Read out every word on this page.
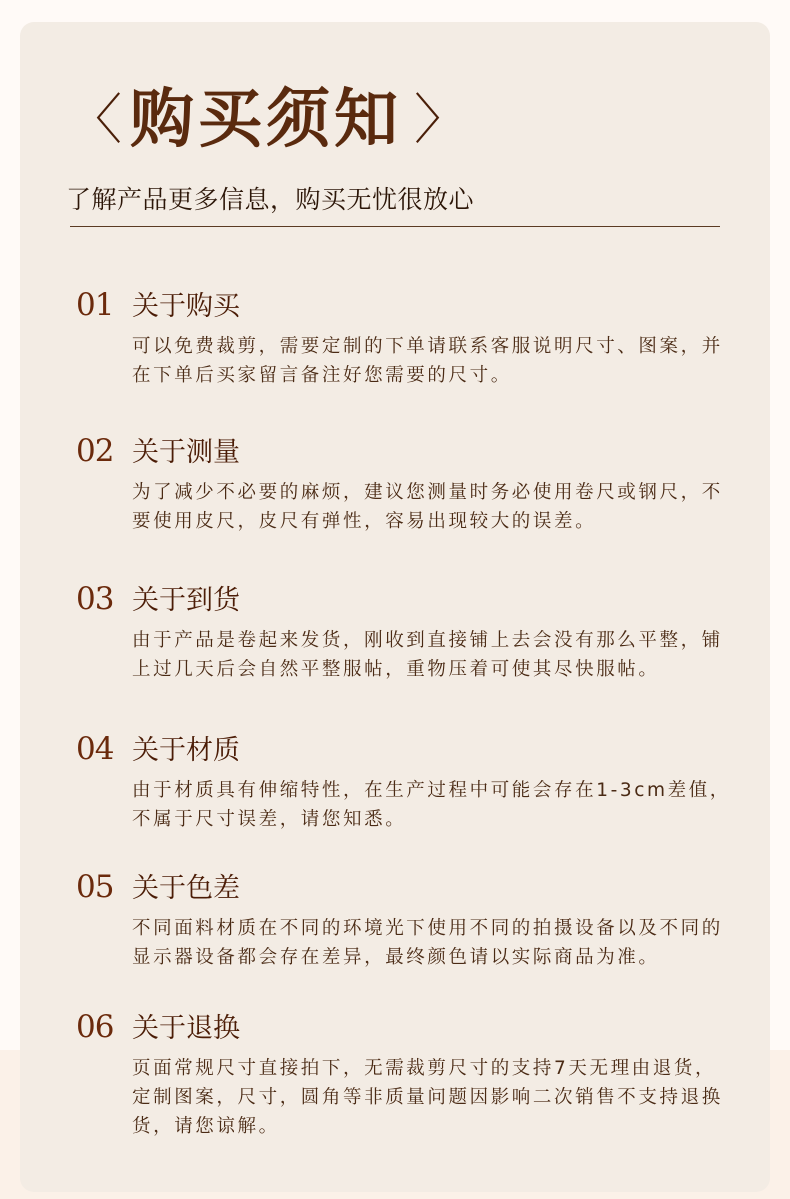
〈 购买须知 〉
了解产品更多信息，购买无忧很放心
01 关于购买
可以免费裁剪，需要定制的下单请联系客服说明尺寸、图案，并在下单后买家留言备注好您需要的尺寸。
02 关于测量
为了减少不必要的麻烦，建议您测量时务必使用卷尺或钢尺，不要使用皮尺，皮尺有弹性，容易出现较大的误差。
03 关于到货
由于产品是卷起来发货，刚收到直接铺上去会没有那么平整，铺上过几天后会自然平整服帖，重物压着可使其尽快服帖。
04 关于材质
由于材质具有伸缩特性，在生产过程中可能会存在1-3cm差值，不属于尺寸误差，请您知悉。
05 关于色差
不同面料材质在不同的环境光下使用不同的拍摄设备以及不同的显示器设备都会存在差异，最终颜色请以实际商品为准。
06 关于退换
页面常规尺寸直接拍下，无需裁剪尺寸的支持7天无理由退货，定制图案，尺寸，圆角等非质量问题因影响二次销售不支持退换货，请您谅解。
